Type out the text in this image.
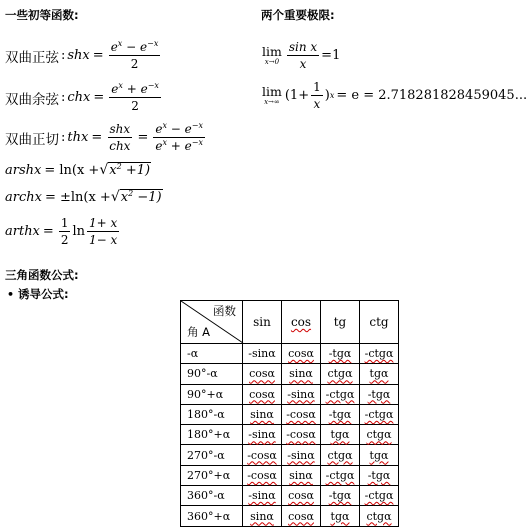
一些初等函数:	两个重要极限:
双曲正弦 : shx = $\frac{e^x - e^{-x}}{2}$
双曲余弦 : chx = $\frac{e^x + e^{-x}}{2}$
双曲正切 : thx = $\frac{\text{shx}}{\text{chx}} = \frac{e^x - e^{-x}}{e^x + e^{-x}}$
arshx = ln(x + √ $x^2 +1$)
archx = ±ln(x + √ $x^2 -1$)
arthx = $\frac{1}{2}$ $\ln \frac{1+ x}{1- x}$
lim
$x\to 0 \frac{\text{sin x}}{x} =1$
lim
x→∞ ($1+ \frac{1}{x}$ ) x = e = 2.718281828459045...
三角函数公式:
• 诱导公式:
函数
角 A	sin	cos	tg	ctg
-α	-sinα	cosα	-tgα	-ctgα
90°-α	cosα	sinα	ctgα	tgα
90°+α	cosα	-sinα	-ctgα	-tgα
180°-α	sinα	-cosα	-tgα	-ctgα
180°+α	-sinα	-cosα	tgα	ctgα
270°-α	-cosα	-sinα	ctgα	tgα
270°+α	-cosα	sinα	-ctgα	-tgα
360°-α	-sinα	cosα	-tgα	-ctgα
360°+α	sinα	cosα	tgα	ctgα
